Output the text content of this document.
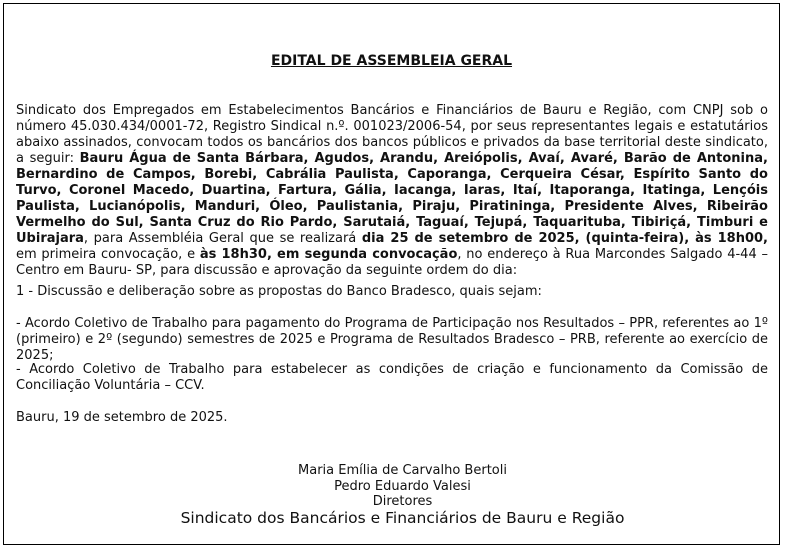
EDITAL DE ASSEMBLEIA GERAL

Sindicato dos Empregados em Estabelecimentos Bancários e Financiários de Bauru e Região, com CNPJ sob o número 45.030.434/0001-72, Registro Sindical n.º. 001023/2006-54, por seus representantes legais e estatutários abaixo assinados, convocam todos os bancários dos bancos públicos e privados da base territorial deste sindicato, a seguir: Bauru Água de Santa Bárbara, Agudos, Arandu, Areiópolis, Avaí, Avaré, Barão de Antonina, Bernardino de Campos, Borebi, Cabrália Paulista, Caporanga, Cerqueira César, Espírito Santo do Turvo, Coronel Macedo, Duartina, Fartura, Gália, Iacanga, Iaras, Itaí, Itaporanga, Itatinga, Lençóis Paulista, Lucianópolis, Manduri, Óleo, Paulistania, Piraju, Piratininga, Presidente Alves, Ribeirão Vermelho do Sul, Santa Cruz do Rio Pardo, Sarutaiá, Taguaí, Tejupá, Taquarituba, Tibiriçá, Timburi e Ubirajara, para Assembléia Geral que se realizará dia 25 de setembro de 2025, (quinta-feira), às 18h00, em primeira convocação, e às 18h30, em segunda convocação, no endereço à Rua Marcondes Salgado 4-44 – Centro em Bauru- SP, para discussão e aprovação da seguinte ordem do dia:

1 - Discussão e deliberação sobre as propostas do Banco Bradesco, quais sejam:

- Acordo Coletivo de Trabalho para pagamento do Programa de Participação nos Resultados – PPR, referentes ao 1º (primeiro) e 2º (segundo) semestres de 2025 e Programa de Resultados Bradesco – PRB, referente ao exercício de 2025;

- Acordo Coletivo de Trabalho para estabelecer as condições de criação e funcionamento da Comissão de Conciliação Voluntária – CCV.

Bauru, 19 de setembro de 2025.

Maria Emília de Carvalho Bertoli
Pedro Eduardo Valesi
Diretores
Sindicato dos Bancários e Financiários de Bauru e Região
